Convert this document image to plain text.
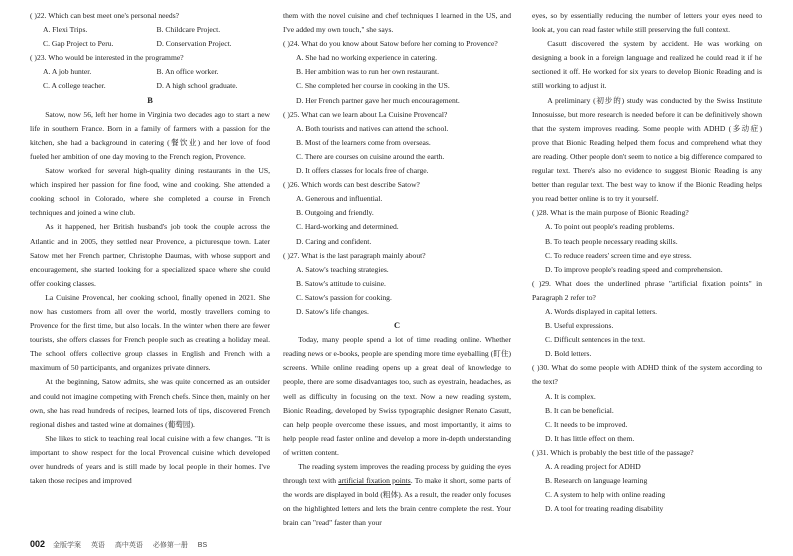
( )22. Which can best meet one's personal needs?

A. Flexi Trips.	B. Childcare Project.
C. Gap Project to Peru.	D. Conservation Project.

( )23. Who would be interested in the programme?

A. A job hunter.	B. An office worker.
C. A college teacher.	D. A high school graduate.

B

Satow, now 56, left her home in Virginia two decades ago to start a new life in southern France. Born in a family of farmers with a passion for the kitchen, she had a background in catering (餐饮业) and her love of food fueled her ambition of one day moving to the French region, Provence.

Satow worked for several high-quality dining restaurants in the US, which inspired her passion for fine food, wine and cooking. She attended a cooking school in Colorado, where she completed a course in French techniques and joined a wine club.

As it happened, her British husband's job took the couple across the Atlantic and in 2005, they settled near Provence, a picturesque town. Later Satow met her French partner, Christophe Daumas, with whose support and encouragement, she started looking for a specialized space where she could offer cooking classes.

La Cuisine Provencal, her cooking school, finally opened in 2021. She now has customers from all over the world, mostly travellers coming to Provence for the first time, but also locals. In the winter when there are fewer tourists, she offers classes for French people such as creating a holiday meal. The school offers collective group classes in English and French with a maximum of 50 participants, and organizes private dinners.

At the beginning, Satow admits, she was quite concerned as an outsider and could not imagine competing with French chefs. Since then, mainly on her own, she has read hundreds of recipes, learned lots of tips, discovered French regional dishes and tasted wine at domaines (葡萄园).

She likes to stick to teaching real local cuisine with a few changes. "It is important to show respect for the local Provencal cuisine which developed over hundreds of years and is still made by local people in their homes. I've taken those recipes and improved

them with the novel cuisine and chef techniques I learned in the US, and I've added my own touch," she says.

( )24. What do you know about Satow before her coming to Provence?

A. She had no working experience in catering.

B. Her ambition was to run her own restaurant.

C. She completed her course in cooking in the US.

D. Her French partner gave her much encouragement.

( )25. What can we learn about La Cuisine Provencal?

A. Both tourists and natives can attend the school.

B. Most of the learners come from overseas.

C. There are courses on cuisine around the earth.

D. It offers classes for locals free of charge.

( )26. Which words can best describe Satow?

A. Generous and influential.

B. Outgoing and friendly.

C. Hard-working and determined.

D. Caring and confident.

( )27. What is the last paragraph mainly about?

A. Satow's teaching strategies.

B. Satow's attitude to cuisine.

C. Satow's passion for cooking.

D. Satow's life changes.

C

Today, many people spend a lot of time reading online. Whether reading news or e-books, people are spending more time eyeballing (盯住) screens. While online reading opens up a great deal of knowledge to people, there are some disadvantages too, such as eyestrain, headaches, as well as difficulty in focusing on the text. Now a new reading system, Bionic Reading, developed by Swiss typographic designer Renato Casutt, can help people overcome these issues, and most importantly, it aims to help people read faster online and develop a more in-depth understanding of written content.

The reading system improves the reading process by guiding the eyes through text with artificial fixation points. To make it short, some parts of the words are displayed in bold (粗体). As a result, the reader only focuses on the highlighted letters and lets the brain centre complete the rest. Your brain can "read" faster than your

eyes, so by essentially reducing the number of letters your eyes need to look at, you can read faster while still preserving the full context.

Casutt discovered the system by accident. He was working on designing a book in a foreign language and realized he could read it if he sectioned it off. He worked for six years to develop Bionic Reading and is still working to adjust it.

A preliminary (初步的) study was conducted by the Swiss Institute Innosuisse, but more research is needed before it can be definitively shown that the system improves reading. Some people with ADHD (多动症) prove that Bionic Reading helped them focus and comprehend what they are reading. Other people don't seem to notice a big difference compared to regular text. There's also no evidence to suggest Bionic Reading is any better than regular text. The best way to know if the Bionic Reading helps you read better online is to try it yourself.

( )28. What is the main purpose of Bionic Reading?

A. To point out people's reading problems.

B. To teach people necessary reading skills.

C. To reduce readers' screen time and eye stress.

D. To improve people's reading speed and comprehension.

( )29. What does the underlined phrase "artificial fixation points" in Paragraph 2 refer to?

A. Words displayed in capital letters.

B. Useful expressions.

C. Difficult sentences in the text.

D. Bold letters.

( )30. What do some people with ADHD think of the system according to the text?

A. It is complex.

B. It can be beneficial.

C. It needs to be improved.

D. It has little effect on them.

( )31. Which is probably the best title of the passage?

A. A reading project for ADHD

B. Research on language learning

C. A system to help with online reading

D. A tool for treating reading disability

002 金版学案 英语 高中英语 必修第一册 BS
